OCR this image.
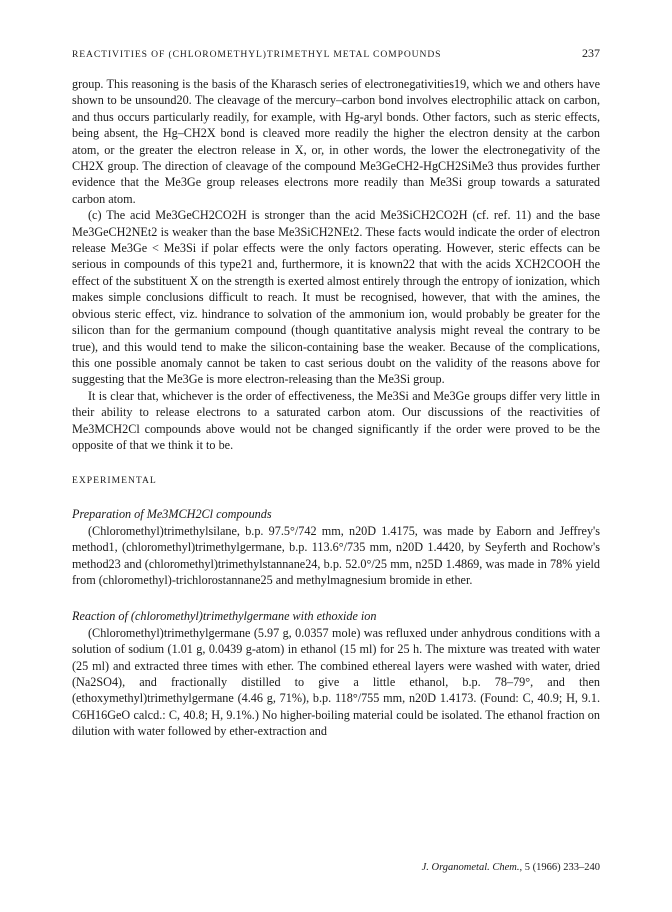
REACTIVITIES OF (CHLOROMETHYL)TRIMETHYL METAL COMPOUNDS	237

group. This reasoning is the basis of the Kharasch series of electronegativities19, which we and others have shown to be unsound20. The cleavage of the mercury–carbon bond involves electrophilic attack on carbon, and thus occurs particularly readily, for example, with Hg-aryl bonds. Other factors, such as steric effects, being absent, the Hg–CH2X bond is cleaved more readily the higher the electron density at the carbon atom, or the greater the electron release in X, or, in other words, the lower the electronegativity of the CH2X group. The direction of cleavage of the compound Me3GeCH2-HgCH2SiMe3 thus provides further evidence that the Me3Ge group releases electrons more readily than Me3Si group towards a saturated carbon atom.

(c) The acid Me3GeCH2CO2H is stronger than the acid Me3SiCH2CO2H (cf. ref. 11) and the base Me3GeCH2NEt2 is weaker than the base Me3SiCH2NEt2. These facts would indicate the order of electron release Me3Ge < Me3Si if polar effects were the only factors operating. However, steric effects can be serious in compounds of this type21 and, furthermore, it is known22 that with the acids XCH2COOH the effect of the substituent X on the strength is exerted almost entirely through the entropy of ionization, which makes simple conclusions difficult to reach. It must be recognised, however, that with the amines, the obvious steric effect, viz. hindrance to solvation of the ammonium ion, would probably be greater for the silicon than for the germanium compound (though quantitative analysis might reveal the contrary to be true), and this would tend to make the silicon-containing base the weaker. Because of the complications, this one possible anomaly cannot be taken to cast serious doubt on the validity of the reasons above for suggesting that the Me3Ge is more electron-releasing than the Me3Si group.

It is clear that, whichever is the order of effectiveness, the Me3Si and Me3Ge groups differ very little in their ability to release electrons to a saturated carbon atom. Our discussions of the reactivities of Me3MCH2Cl compounds above would not be changed significantly if the order were proved to be the opposite of that we think it to be.

EXPERIMENTAL
Preparation of Me3MCH2Cl compounds

(Chloromethyl)trimethylsilane, b.p. 97.5°/742 mm, n20D 1.4175, was made by Eaborn and Jeffrey's method1, (chloromethyl)trimethylgermane, b.p. 113.6°/735 mm, n20D 1.4420, by Seyferth and Rochow's method23 and (chloromethyl)trimethylstannane24, b.p. 52.0°/25 mm, n25D 1.4869, was made in 78% yield from (chloromethyl)-trichlorostannane25 and methylmagnesium bromide in ether.

Reaction of (chloromethyl)trimethylgermane with ethoxide ion

(Chloromethyl)trimethylgermane (5.97 g, 0.0357 mole) was refluxed under anhydrous conditions with a solution of sodium (1.01 g, 0.0439 g-atom) in ethanol (15 ml) for 25 h. The mixture was treated with water (25 ml) and extracted three times with ether. The combined ethereal layers were washed with water, dried (Na2SO4), and fractionally distilled to give a little ethanol, b.p. 78–79°, and then (ethoxymethyl)trimethylgermane (4.46 g, 71%), b.p. 118°/755 mm, n20D 1.4173. (Found: C, 40.9; H, 9.1. C6H16GeO calcd.: C, 40.8; H, 9.1%.) No higher-boiling material could be isolated. The ethanol fraction on dilution with water followed by ether-extraction and

J. Organometal. Chem., 5 (1966) 233–240
